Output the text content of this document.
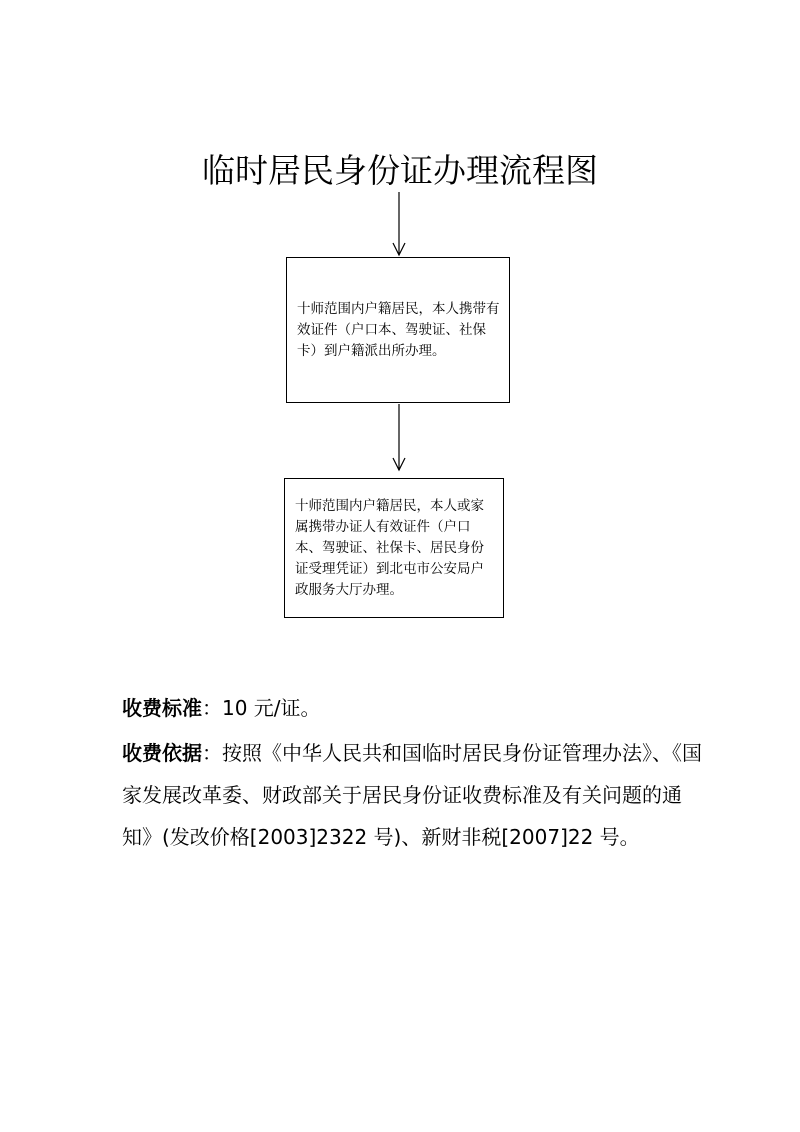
临时居民身份证办理流程图

十师范围内户籍居民，本人携带有效证件（户口本、驾驶证、社保卡）到户籍派出所办理。

十师范围内户籍居民，本人或家属携带办证人有效证件（户口本、驾驶证、社保卡、居民身份证受理凭证）到北屯市公安局户政服务大厅办理。

收费标准：10 元/证。

收费依据：按照《中华人民共和国临时居民身份证管理办法》、《国家发展改革委、财政部关于居民身份证收费标准及有关问题的通知》(发改价格[2003]2322 号)、新财非税[2007]22 号。
